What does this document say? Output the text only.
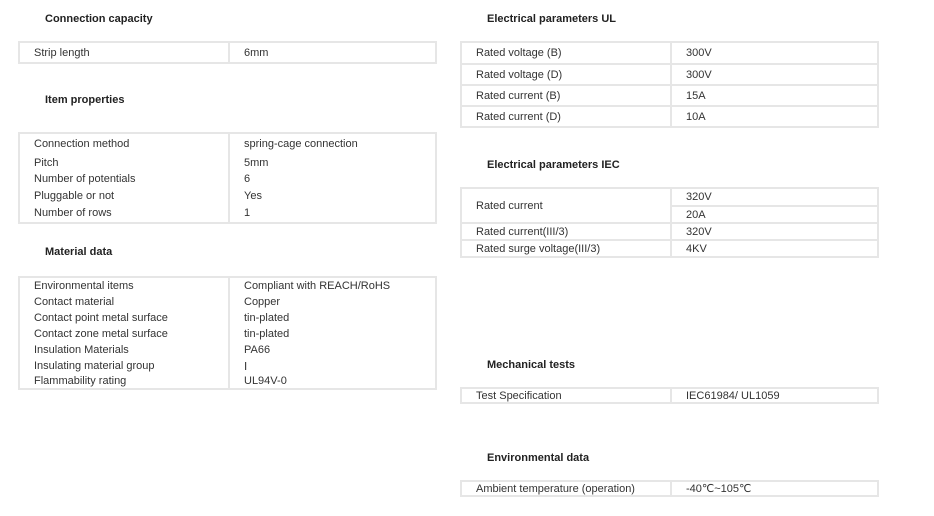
Connection capacity
Strip length	6mm
Item properties
Connection method	spring-cage connection
Pitch	5mm
Number of potentials	6
Pluggable or not	Yes
Number of rows	1
Material data
Environmental items	Compliant with REACH/RoHS
Contact material	Copper
Contact point metal surface	tin-plated
Contact zone metal surface	tin-plated
Insulation Materials	PA66
Insulating material group	Ⅰ
Flammability rating	UL94V-0
Electrical parameters UL
Rated voltage (B)	300V
Rated voltage (D)	300V
Rated current (B)	15A
Rated current (D)	10A
Electrical parameters IEC
Rated current	320V
	20A
Rated current(III/3)	320V
Rated surge voltage(III/3)	4KV
Mechanical tests
Test Specification	IEC61984/ UL1059
Environmental data
Ambient temperature (operation)	-40℃~105℃
